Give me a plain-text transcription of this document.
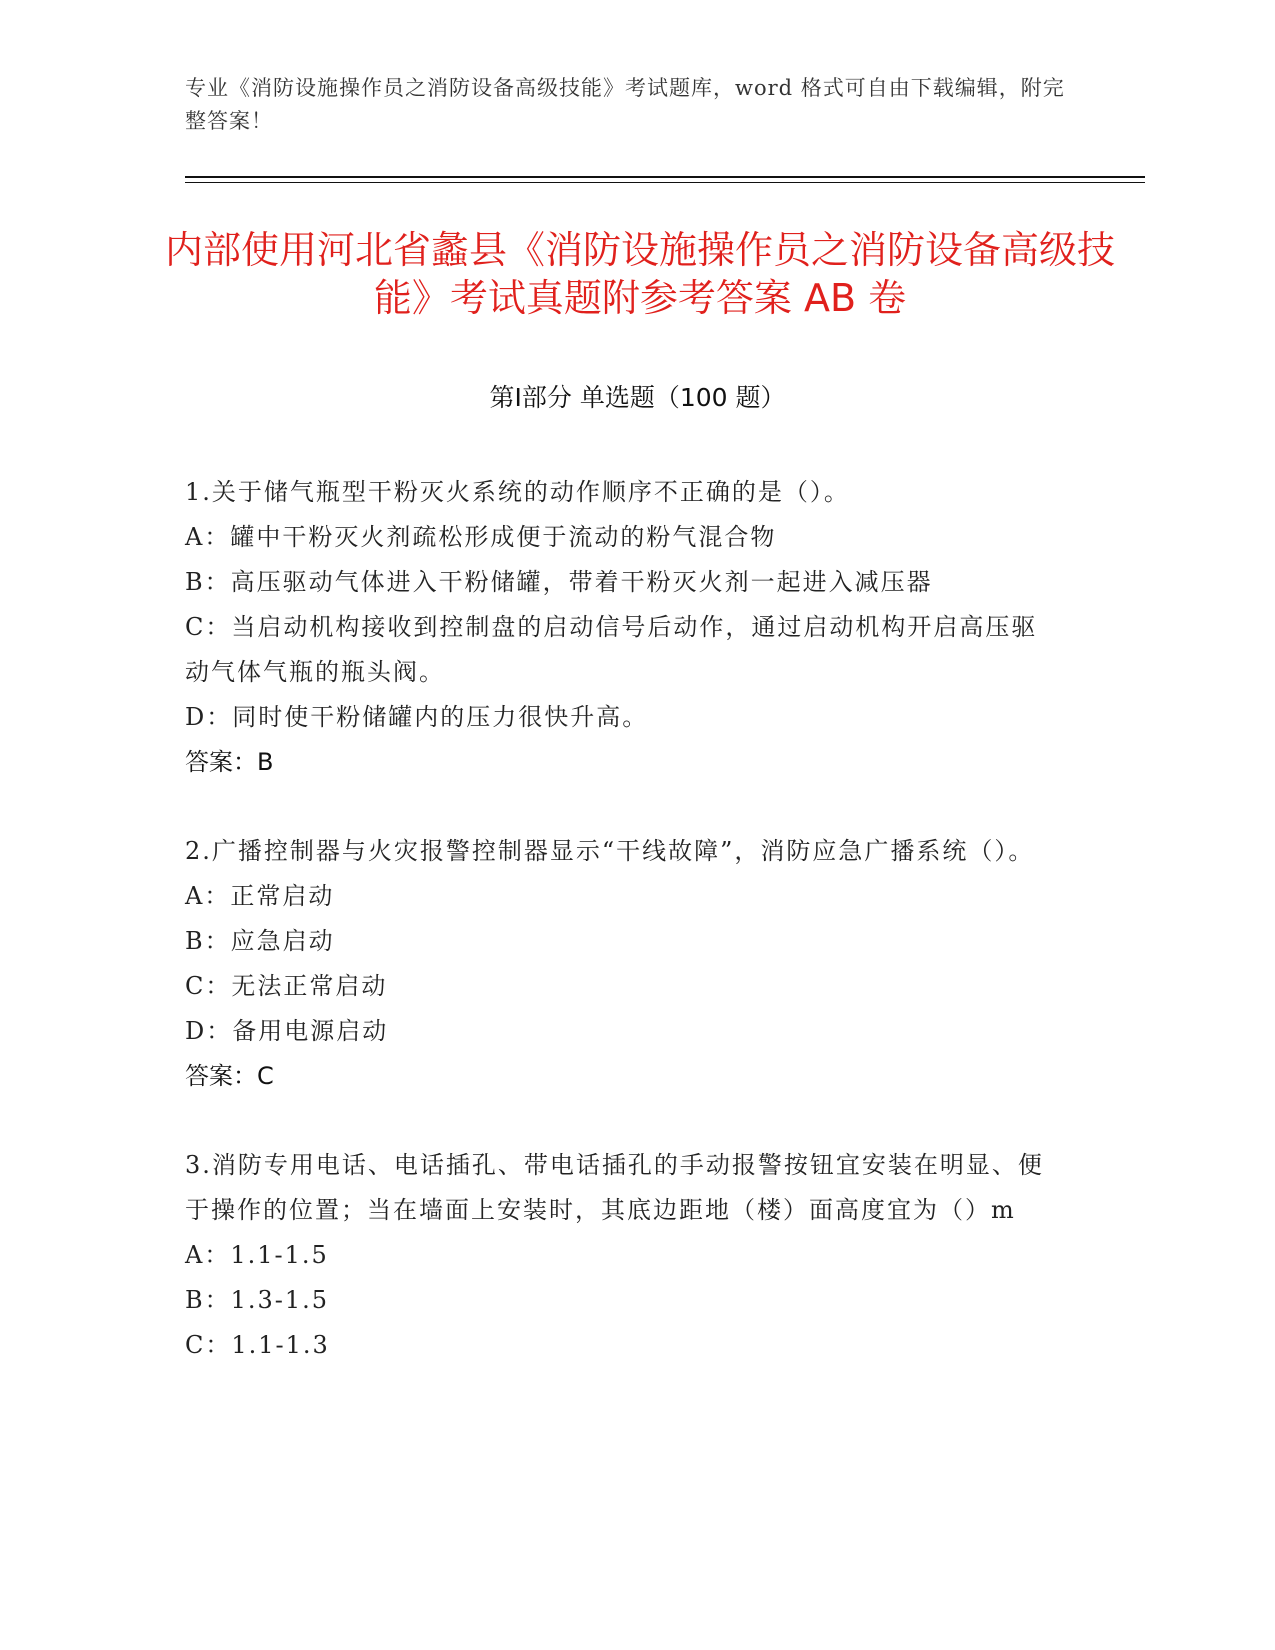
专业《消防设施操作员之消防设备高级技能》考试题库，word 格式可自由下载编辑，附完整答案！
内部使用河北省蠡县《消防设施操作员之消防设备高级技能》考试真题附参考答案 AB 卷
第Ⅰ部分 单选题（100 题）
1.关于储气瓶型干粉灭火系统的动作顺序不正确的是（）。
A：罐中干粉灭火剂疏松形成便于流动的粉气混合物
B：高压驱动气体进入干粉储罐，带着干粉灭火剂一起进入减压器
C：当启动机构接收到控制盘的启动信号后动作，通过启动机构开启高压驱动气体气瓶的瓶头阀。
D：同时使干粉储罐内的压力很快升高。
答案：B
2.广播控制器与火灾报警控制器显示“干线故障”，消防应急广播系统（）。
A：正常启动
B：应急启动
C：无法正常启动
D：备用电源启动
答案：C
3.消防专用电话、电话插孔、带电话插孔的手动报警按钮宜安装在明显、便于操作的位置；当在墙面上安装时，其底边距地（楼）面高度宜为（）m
A：1.1-1.5
B：1.3-1.5
C：1.1-1.3
